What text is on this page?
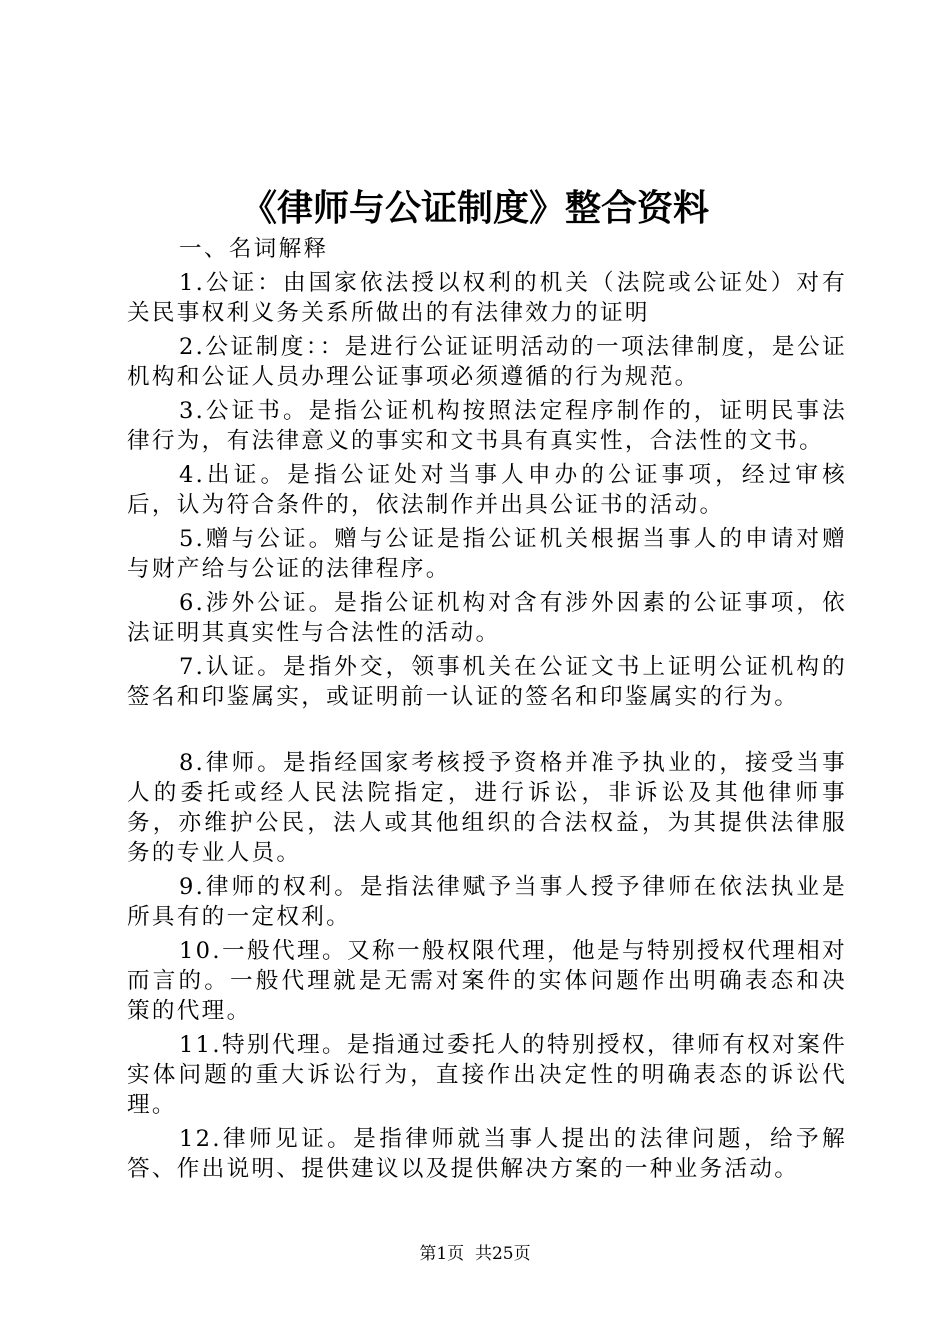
《律师与公证制度》整合资料

一、名词解释

1.公证：由国家依法授以权利的机关（法院或公证处）对有关民事权利义务关系所做出的有法律效力的证明

2.公证制度：：是进行公证证明活动的一项法律制度，是公证机构和公证人员办理公证事项必须遵循的行为规范。

3.公证书。是指公证机构按照法定程序制作的，证明民事法律行为，有法律意义的事实和文书具有真实性，合法性的文书。

4.出证。是指公证处对当事人申办的公证事项，经过审核后，认为符合条件的，依法制作并出具公证书的活动。

5.赠与公证。赠与公证是指公证机关根据当事人的申请对赠与财产给与公证的法律程序。

6.涉外公证。是指公证机构对含有涉外因素的公证事项，依法证明其真实性与合法性的活动。

7.认证。是指外交，领事机关在公证文书上证明公证机构的签名和印鉴属实，或证明前一认证的签名和印鉴属实的行为。

8.律师。是指经国家考核授予资格并准予执业的，接受当事人的委托或经人民法院指定，进行诉讼，非诉讼及其他律师事务，亦维护公民，法人或其他组织的合法权益，为其提供法律服务的专业人员。

9.律师的权利。是指法律赋予当事人授予律师在依法执业是所具有的一定权利。

10.一般代理。又称一般权限代理，他是与特别授权代理相对而言的。一般代理就是无需对案件的实体问题作出明确表态和决策的代理。

11.特别代理。是指通过委托人的特别授权，律师有权对案件实体问题的重大诉讼行为，直接作出决定性的明确表态的诉讼代理。

12.律师见证。是指律师就当事人提出的法律问题，给予解答、作出说明、提供建议以及提供解决方案的一种业务活动。

第1页  共25页
